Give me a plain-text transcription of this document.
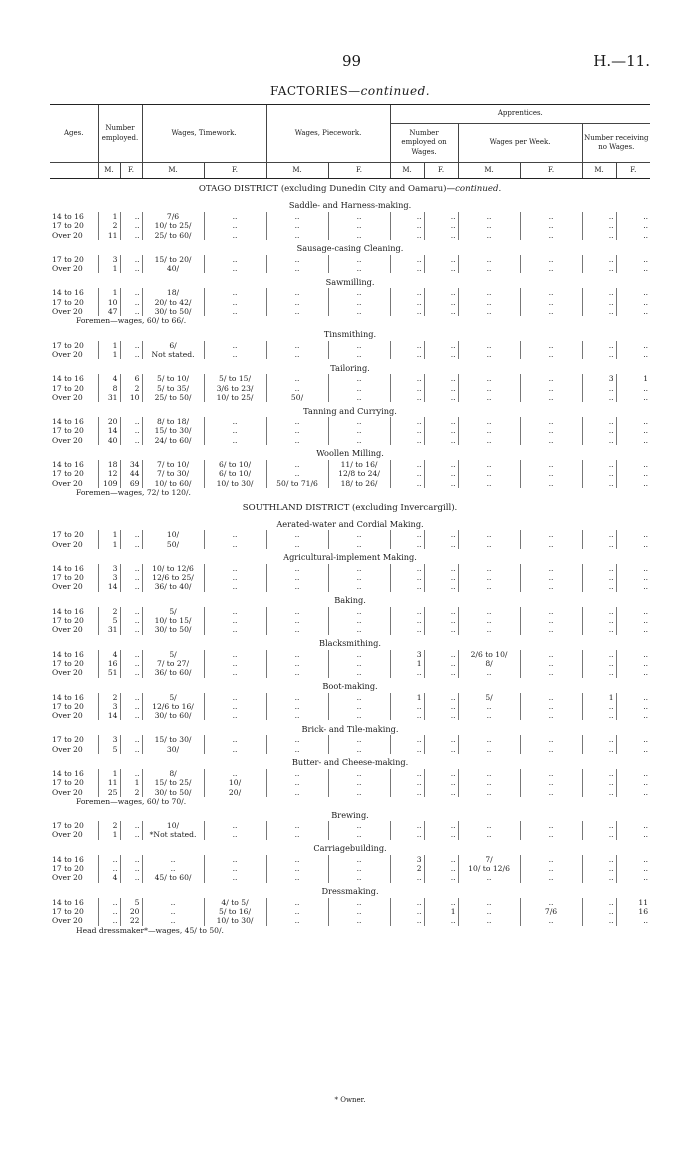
99	H.—11.
FACTORIES—continued.
Ages.	Number employed.		Wages, Timework.		Wages, Piecework.		Apprentices.					
							Number employed on Wages.		Wages per Week.		Number receiving no Wages.	
	M.	F.	M.	F.	M.	F.	M.	F.	M.	F.	M.	F.
OTAGO DISTRICT (excluding Dunedin City and Oamaru)—continued.												
Saddle- and Harness-making.												
14 to 16	1	..	7/6	..	..	..	..	..	..	..	..	..
17 to 20	2	..	10/ to 25/	..	..	..	..	..	..	..	..	..
Over 20	11	..	25/ to 60/	..	..	..	..	..	..	..	..	..
Sausage-casing Cleaning.												
17 to 20	3	..	15/ to 20/	..	..	..	..	..	..	..	..	..
Over 20	1	..	40/	..	..	..	..	..	..	..	..	..
Sawmilling.												
14 to 16	1	..	18/	..	..	..	..	..	..	..	..	..
17 to 20	10	..	20/ to 42/	..	..	..	..	..	..	..	..	..
Over 20	47	..	30/ to 50/	..	..	..	..	..	..	..	..	..
Foremen—wages, 60/ to 66/.												
Tinsmithing.												
17 to 20	1	..	6/	..	..	..	..	..	..	..	..	..
Over 20	1	..	Not stated.	..	..	..	..	..	..	..	..	..
Tailoring.												
14 to 16	4	6	5/ to 10/	5/ to 15/	..	..	..	..	..	..	3	1
17 to 20	8	2	5/ to 35/	3/6 to 23/	..	..	..	..	..	..	..	..
Over 20	31	10	25/ to 50/	10/ to 25/	50/	..	..	..	..	..	..	..
Tanning and Currying.												
14 to 16	20	..	8/ to 18/	..	..	..	..	..	..	..	..	..
17 to 20	14	..	15/ to 30/	..	..	..	..	..	..	..	..	..
Over 20	40	..	24/ to 60/	..	..	..	..	..	..	..	..	..
Woollen Milling.												
14 to 16	18	34	7/ to 10/	6/ to 10/	..	11/ to 16/	..	..	..	..	..	..
17 to 20	12	44	7/ to 30/	6/ to 10/	..	12/8 to 24/	..	..	..	..	..	..
Over 20	109	69	10/ to 60/	10/ to 30/	50/ to 71/6	18/ to 26/	..	..	..	..	..	..
Foremen—wages, 72/ to 120/.												
SOUTHLAND DISTRICT (excluding Invercargill).												
Aerated-water and Cordial Making.												
17 to 20	1	..	10/	..	..	..	..	..	..	..	..	..
Over 20	1	..	50/	..	..	..	..	..	..	..	..	..
Agricultural-implement Making.												
14 to 16	3	..	10/ to 12/6	..	..	..	..	..	..	..	..	..
17 to 20	3	..	12/6 to 25/	..	..	..	..	..	..	..	..	..
Over 20	14	..	36/ to 40/	..	..	..	..	..	..	..	..	..
Baking.												
14 to 16	2	..	5/	..	..	..	..	..	..	..	..	..
17 to 20	5	..	10/ to 15/	..	..	..	..	..	..	..	..	..
Over 20	31	..	30/ to 50/	..	..	..	..	..	..	..	..	..
Blacksmithing.												
14 to 16	4	..	5/	..	..	..	3	..	2/6 to 10/	..	..	..
17 to 20	16	..	7/ to 27/	..	..	..	1	..	8/	..	..	..
Over 20	51	..	36/ to 60/	..	..	..	..	..	..	..	..	..
Boot-making.												
14 to 16	2	..	5/	..	..	..	1	..	5/	..	1	..
17 to 20	3	..	12/6 to 16/	..	..	..	..	..	..	..	..	..
Over 20	14	..	30/ to 60/	..	..	..	..	..	..	..	..	..
Brick- and Tile-making.												
17 to 20	3	..	15/ to 30/	..	..	..	..	..	..	..	..	..
Over 20	5	..	30/	..	..	..	..	..	..	..	..	..
Butter- and Cheese-making.												
14 to 16	1	..	8/	..	..	..	..	..	..	..	..	..
17 to 20	11	1	15/ to 25/	10/	..	..	..	..	..	..	..	..
Over 20	25	2	30/ to 50/	20/	..	..	..	..	..	..	..	..
Foremen—wages, 60/ to 70/.												
Brewing.												
17 to 20	2	..	10/	..	..	..	..	..	..	..	..	..
Over 20	1	..	*Not stated.	..	..	..	..	..	..	..	..	..
Carriagebuilding.												
14 to 16	..	..	..	..	..	..	3	..	7/	..	..	..
17 to 20	..	..	..	..	..	..	2	..	10/ to 12/6	..	..	..
Over 20	4	..	45/ to 60/	..	..	..	..	..	..	..	..	..
Dressmaking.												
14 to 16	..	5	..	4/ to 5/	..	..	..	..	..	..	..	11
17 to 20	..	20	..	5/ to 16/	..	..	..	1	..	7/6	..	16
Over 20	..	22	..	10/ to 30/	..	..	..	..	..	..	..	..
Head dressmaker*—wages, 45/ to 50/.												
* Owner.
